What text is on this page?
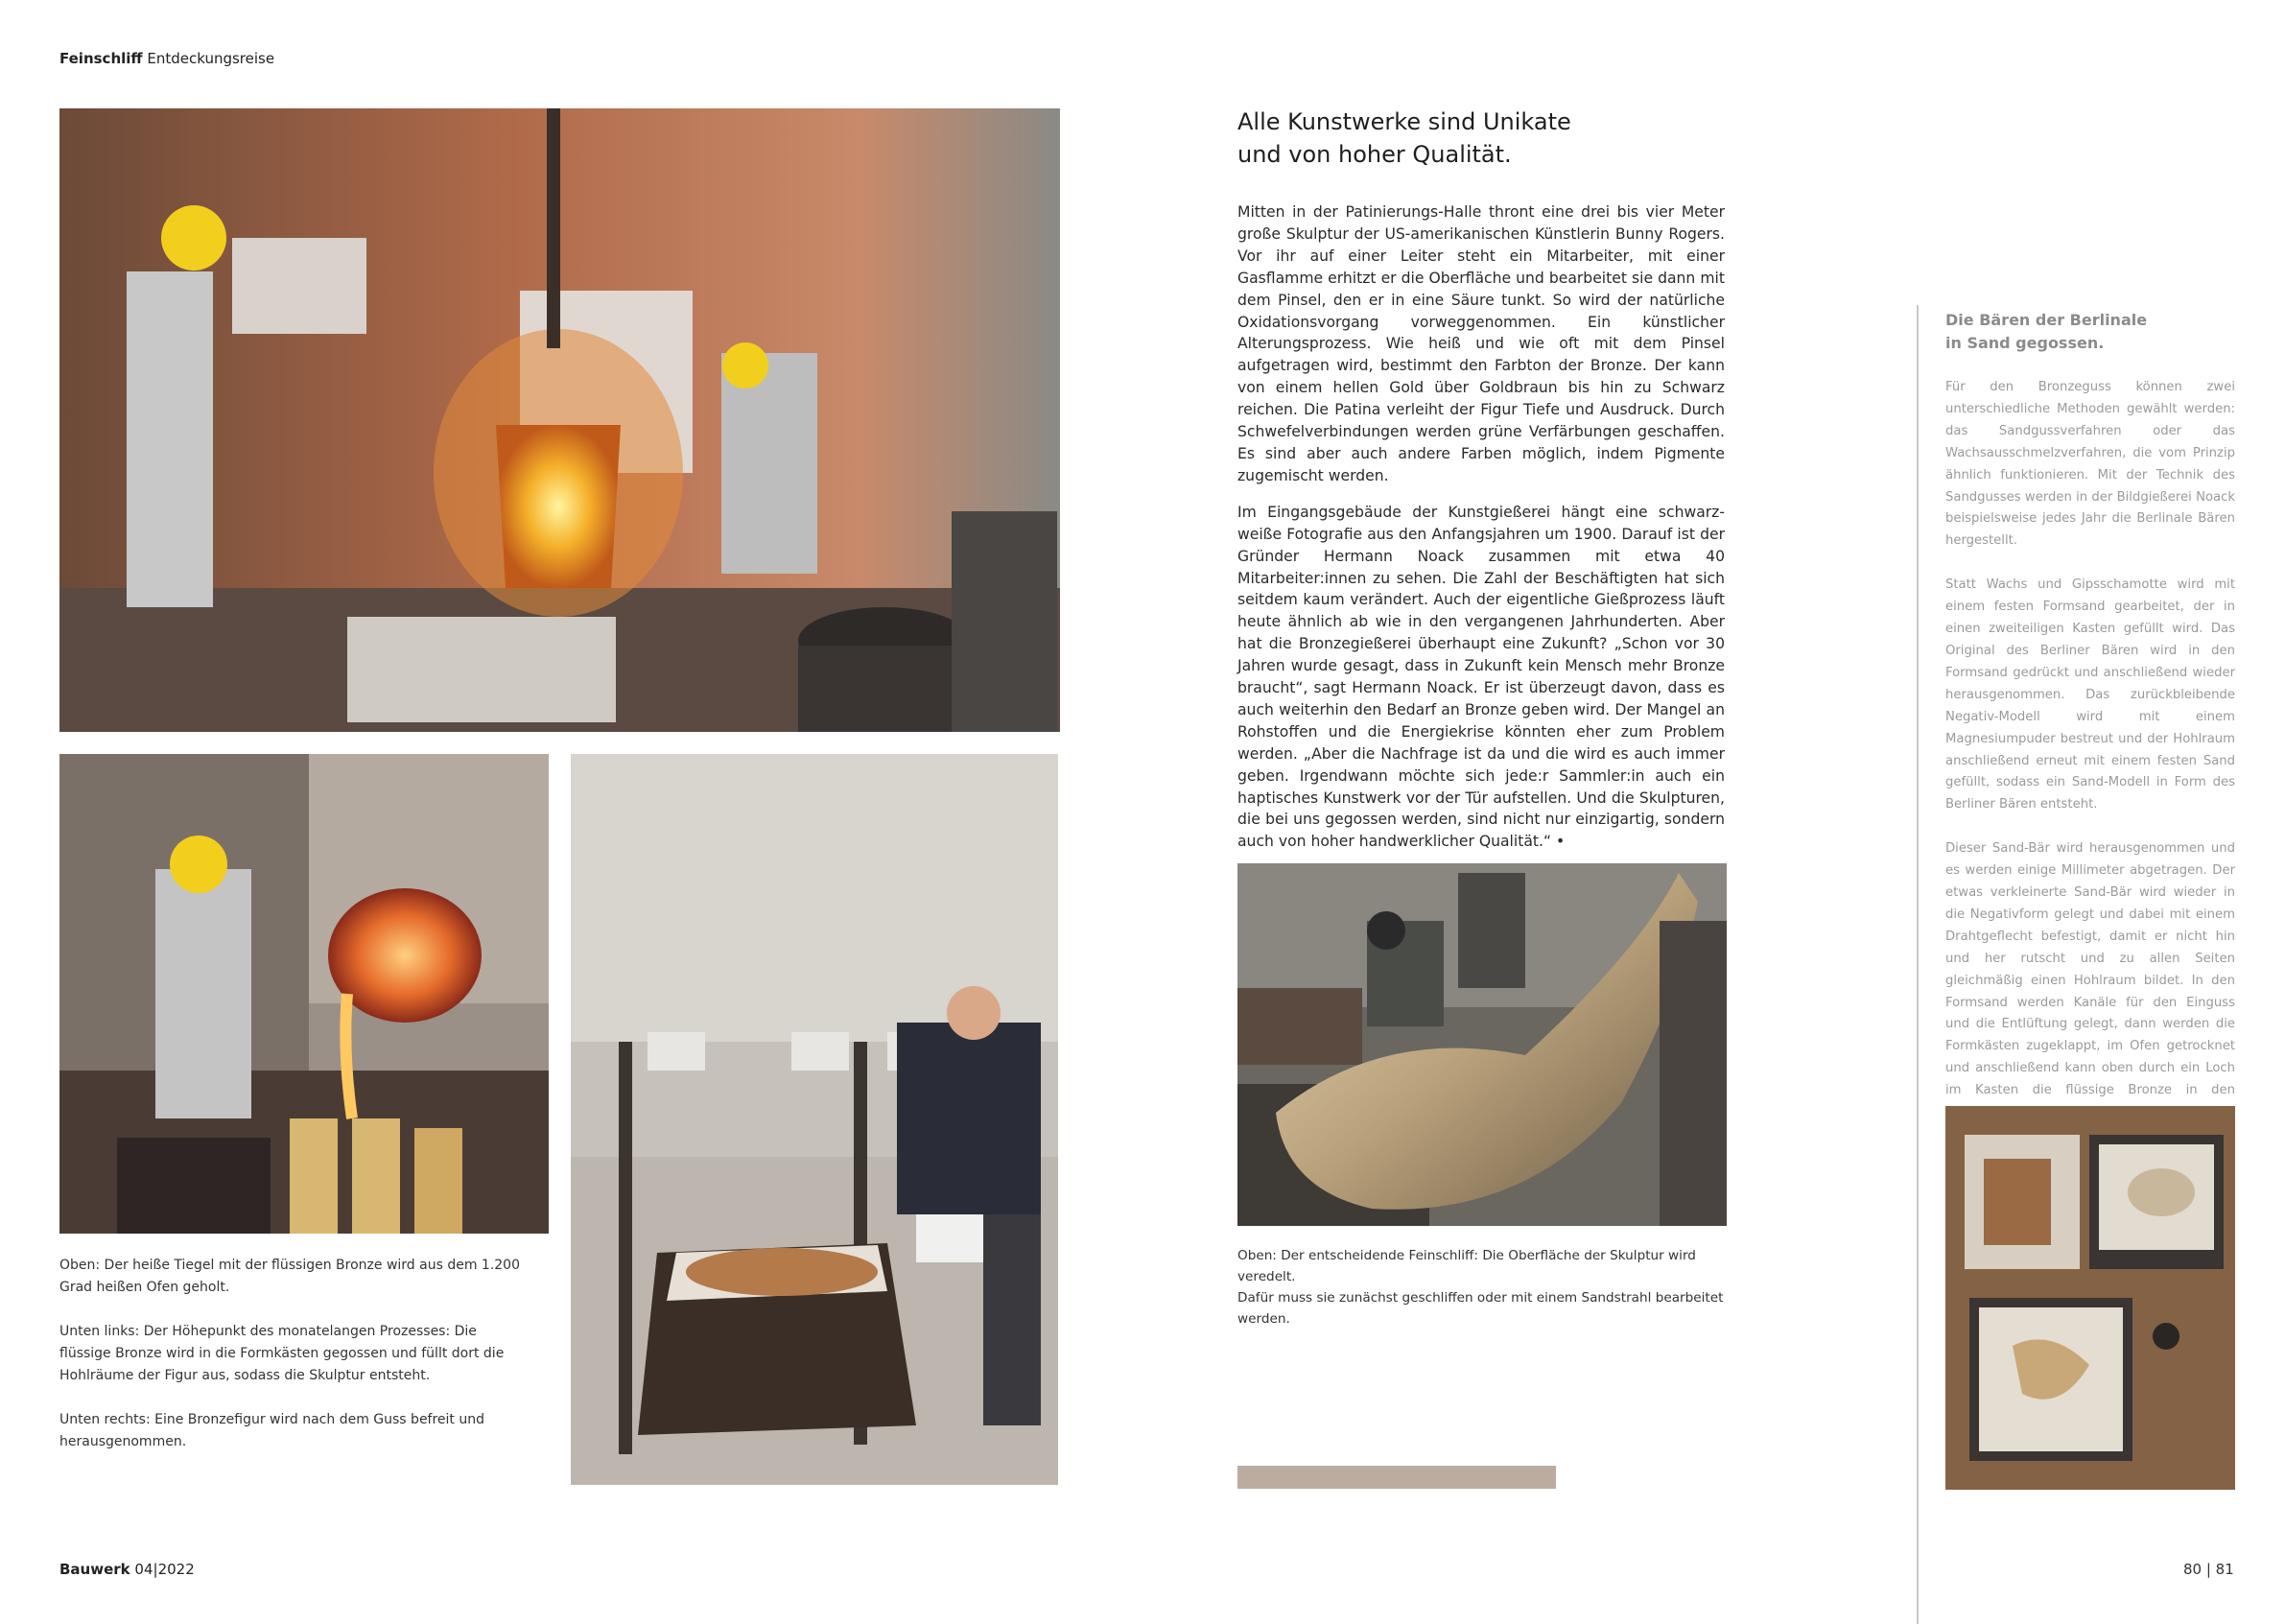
Feinschliff Entdeckungsreise

Oben: Der heiße Tiegel mit der flüssigen Bronze wird aus dem 1.200 Grad heißen Ofen geholt.

Unten links: Der Höhepunkt des monatelangen Prozesses: Die flüssige Bronze wird in die Formkästen gegossen und füllt dort die Hohlräume der Figur aus, sodass die Skulptur entsteht.

Unten rechts: Eine Bronzefigur wird nach dem Guss befreit und herausgenommen.

Alle Kunstwerke sind Unikate
und von hoher Qualität.

Mitten in der Patinierungs-Halle thront eine drei bis vier Meter große Skulptur der US-amerikanischen Künstlerin Bunny Rogers. Vor ihr auf einer Leiter steht ein Mitarbeiter, mit einer Gasflamme erhitzt er die Oberfläche und bearbeitet sie dann mit dem Pinsel, den er in eine Säure tunkt. So wird der natürliche Oxidationsvorgang vorweggenommen. Ein künstlicher Alterungsprozess. Wie heiß und wie oft mit dem Pinsel aufgetragen wird, bestimmt den Farbton der Bronze. Der kann von einem hellen Gold über Goldbraun bis hin zu Schwarz reichen. Die Patina verleiht der Figur Tiefe und Ausdruck. Durch Schwefelverbindungen werden grüne Verfärbungen geschaffen. Es sind aber auch andere Farben möglich, indem Pigmente zugemischt werden.

Im Eingangsgebäude der Kunstgießerei hängt eine schwarz-weiße Fotografie aus den Anfangsjahren um 1900. Darauf ist der Gründer Hermann Noack zusammen mit etwa 40 Mitarbeiter:innen zu sehen. Die Zahl der Beschäftigten hat sich seitdem kaum verändert. Auch der eigentliche Gießprozess läuft heute ähnlich ab wie in den vergangenen Jahrhunderten. Aber hat die Bronzegießerei überhaupt eine Zukunft? „Schon vor 30 Jahren wurde gesagt, dass in Zukunft kein Mensch mehr Bronze braucht“, sagt Hermann Noack. Er ist überzeugt davon, dass es auch weiterhin den Bedarf an Bronze geben wird. Der Mangel an Rohstoffen und die Energiekrise könnten eher zum Problem werden. „Aber die Nachfrage ist da und die wird es auch immer geben. Irgendwann möchte sich jede:r Sammler:in auch ein haptisches Kunstwerk vor der Tür aufstellen. Und die Skulpturen, die bei uns gegossen werden, sind nicht nur einzigartig, sondern auch von hoher handwerklicher Qualität.“ •

Oben: Der entscheidende Feinschliff: Die Oberfläche der Skulptur wird veredelt.
Dafür muss sie zunächst geschliffen oder mit einem Sandstrahl bearbeitet werden.
Die Bären der Berlinale
in Sand gegossen.

Für den Bronzeguss können zwei unterschiedliche Methoden gewählt werden: das Sandgussverfahren oder das Wachsausschmelzverfahren, die vom Prinzip ähnlich funktionieren. Mit der Technik des Sandgusses werden in der Bildgießerei Noack beispielsweise jedes Jahr die Berlinale Bären hergestellt.

Statt Wachs und Gipsschamotte wird mit einem festen Formsand gearbeitet, der in einen zweiteiligen Kasten gefüllt wird. Das Original des Berliner Bären wird in den Formsand gedrückt und anschließend wieder herausgenommen. Das zurückbleibende Negativ-Modell wird mit einem Magnesiumpuder bestreut und der Hohlraum anschließend erneut mit einem festen Sand gefüllt, sodass ein Sand-Modell in Form des Berliner Bären entsteht.

Dieser Sand-Bär wird herausgenommen und es werden einige Millimeter abgetragen. Der etwas verkleinerte Sand-Bär wird wieder in die Negativform gelegt und dabei mit einem Drahtgeflecht befestigt, damit er nicht hin und her rutscht und zu allen Seiten gleichmäßig einen Hohlraum bildet. In den Formsand werden Kanäle für den Einguss und die Entlüftung gelegt, dann werden die Formkästen zugeklappt, im Ofen getrocknet und anschließend kann oben durch ein Loch im Kasten die flüssige Bronze in den

Bauwerk 04|2022	80 | 81
